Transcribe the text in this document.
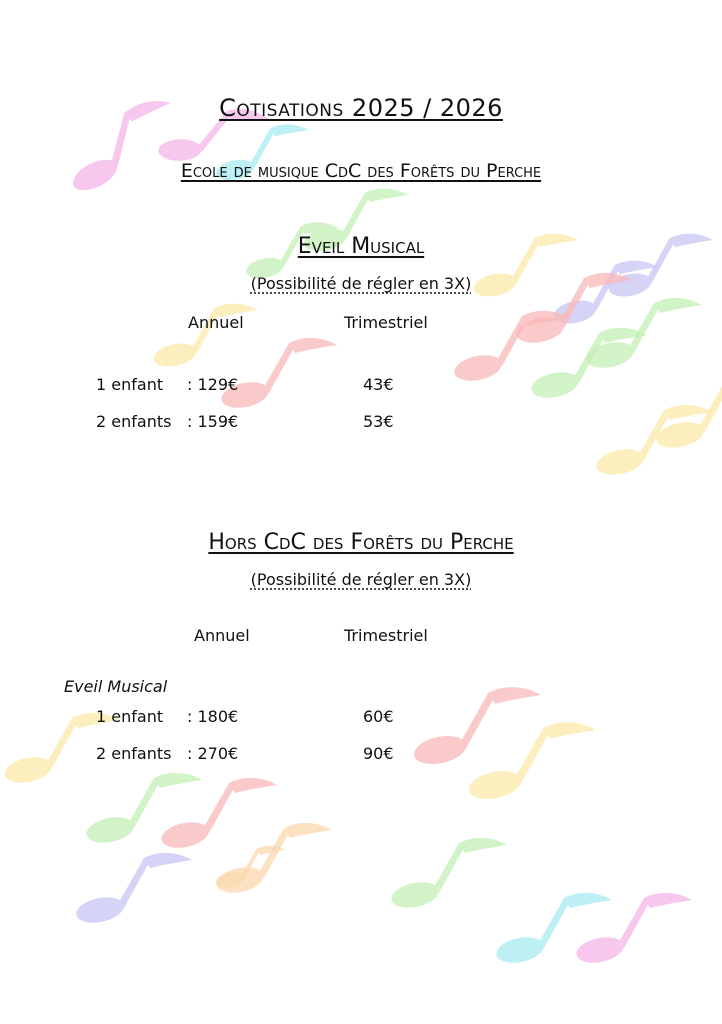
Cotisations 2025 / 2026
Ecole de musique CdC des Forêts du Perche
Eveil Musical
(Possibilité de régler en 3X)
Annuel	Trimestriel
1 enfant : 129€	43€
2 enfants : 159€	53€
Hors CdC des Forêts du Perche
(Possibilité de régler en 3X)
Annuel	Trimestriel
Eveil Musical
1 enfant : 180€	60€
2 enfants : 270€	90€
